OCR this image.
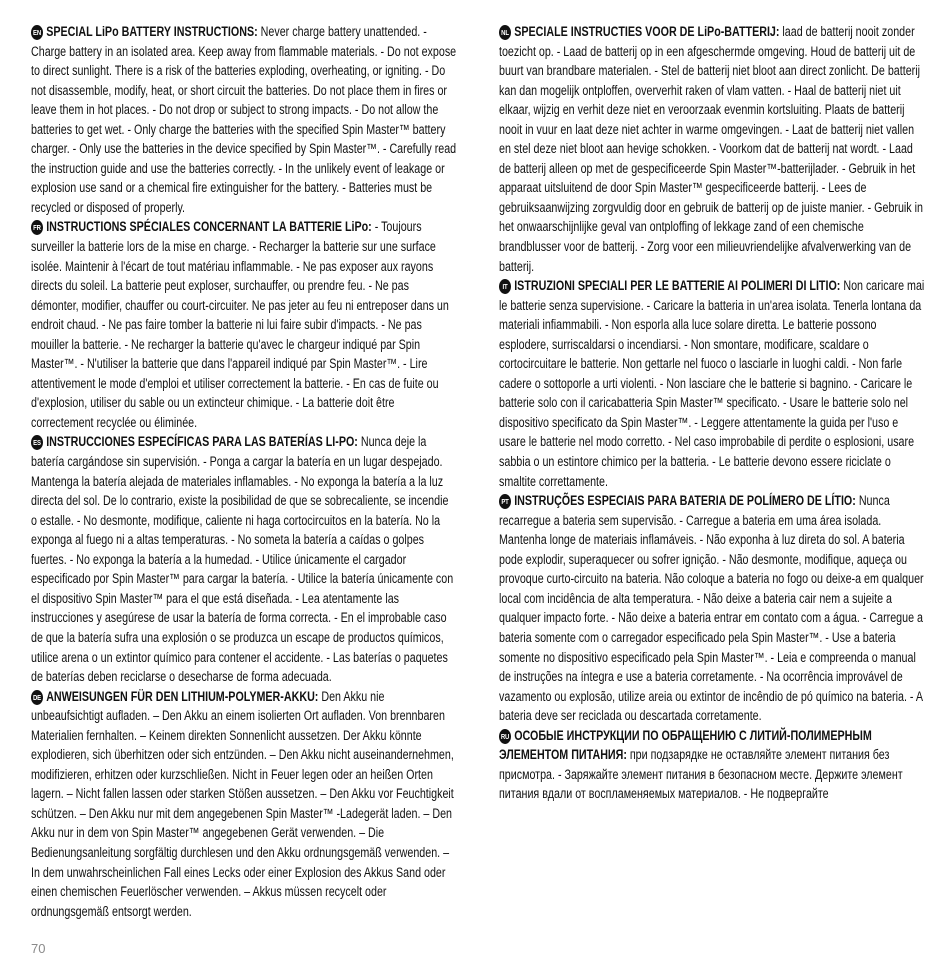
EN SPECIAL LiPo BATTERY INSTRUCTIONS: Never charge battery unattended. - Charge battery in an isolated area. Keep away from flammable materials. - Do not expose to direct sunlight. There is a risk of the batteries exploding, overheating, or igniting. - Do not disassemble, modify, heat, or short circuit the batteries. Do not place them in fires or leave them in hot places. - Do not drop or subject to strong impacts. - Do not allow the batteries to get wet. - Only charge the batteries with the specified Spin Master™ battery charger. - Only use the batteries in the device specified by Spin Master™. - Carefully read the instruction guide and use the batteries correctly. - In the unlikely event of leakage or explosion use sand or a chemical fire extinguisher for the battery. - Batteries must be recycled or disposed of properly.

FR INSTRUCTIONS SPÉCIALES CONCERNANT LA BATTERIE LiPo: - Toujours surveiller la batterie lors de la mise en charge. - Recharger la batterie sur une surface isolée. Maintenir à l'écart de tout matériau inflammable. - Ne pas exposer aux rayons directs du soleil. La batterie peut exploser, surchauffer, ou prendre feu. - Ne pas démonter, modifier, chauffer ou court-circuiter. Ne pas jeter au feu ni entreposer dans un endroit chaud. - Ne pas faire tomber la batterie ni lui faire subir d'impacts. - Ne pas mouiller la batterie. - Ne recharger la batterie qu'avec le chargeur indiqué par Spin Master™. - N'utiliser la batterie que dans l'appareil indiqué par Spin Master™. - Lire attentivement le mode d'emploi et utiliser correctement la batterie. - En cas de fuite ou d'explosion, utiliser du sable ou un extincteur chimique. - La batterie doit être correctement recyclée ou éliminée.

ES INSTRUCCIONES ESPECÍFICAS PARA LAS BATERÍAS LI-PO: Nunca deje la batería cargándose sin supervisión. - Ponga a cargar la batería en un lugar despejado. Mantenga la batería alejada de materiales inflamables. - No exponga la batería a la luz directa del sol. De lo contrario, existe la posibilidad de que se sobrecaliente, se incendie o estalle. - No desmonte, modifique, caliente ni haga cortocircuitos en la batería. No la exponga al fuego ni a altas temperaturas. - No someta la batería a caídas o golpes fuertes. - No exponga la batería a la humedad. - Utilice únicamente el cargador especificado por Spin Master™ para cargar la batería. - Utilice la batería únicamente con el dispositivo Spin Master™ para el que está diseñada. - Lea atentamente las instrucciones y asegúrese de usar la batería de forma correcta. - En el improbable caso de que la batería sufra una explosión o se produzca un escape de productos químicos, utilice arena o un extintor químico para contener el accidente. - Las baterías o paquetes de baterías deben reciclarse o desecharse de forma adecuada.

DE ANWEISUNGEN FÜR DEN LITHIUM-POLYMER-AKKU: Den Akku nie unbeaufsichtigt aufladen. – Den Akku an einem isolierten Ort aufladen. Von brennbaren Materialien fernhalten. – Keinem direkten Sonnenlicht aussetzen. Der Akku könnte explodieren, sich überhitzen oder sich entzünden. – Den Akku nicht auseinandernehmen, modifizieren, erhitzen oder kurzschließen. Nicht in Feuer legen oder an heißen Orten lagern. – Nicht fallen lassen oder starken Stößen aussetzen. – Den Akku vor Feuchtigkeit schützen. – Den Akku nur mit dem angegebenen Spin Master™ -Ladegerät laden. – Den Akku nur in dem von Spin Master™ angegebenen Gerät verwenden. – Die Bedienungsanleitung sorgfältig durchlesen und den Akku ordnungsgemäß verwenden. – In dem unwahrscheinlichen Fall eines Lecks oder einer Explosion des Akkus Sand oder einen chemischen Feuerlöscher verwenden. – Akkus müssen recycelt oder ordnungsgemäß entsorgt werden.

NL SPECIALE INSTRUCTIES VOOR DE LiPo-BATTERIJ: laad de batterij nooit zonder toezicht op. - Laad de batterij op in een afgeschermde omgeving. Houd de batterij uit de buurt van brandbare materialen. - Stel de batterij niet bloot aan direct zonlicht. De batterij kan dan mogelijk ontploffen, oververhit raken of vlam vatten. - Haal de batterij niet uit elkaar, wijzig en verhit deze niet en veroorzaak evenmin kortsluiting. Plaats de batterij nooit in vuur en laat deze niet achter in warme omgevingen. - Laat de batterij niet vallen en stel deze niet bloot aan hevige schokken. - Voorkom dat de batterij nat wordt. - Laad de batterij alleen op met de gespecificeerde Spin Master™-batterijlader. - Gebruik in het apparaat uitsluitend de door Spin Master™ gespecificeerde batterij. - Lees de gebruiksaanwijzing zorgvuldig door en gebruik de batterij op de juiste manier. - Gebruik in het onwaarschijnlijke geval van ontploffing of lekkage zand of een chemische brandblusser voor de batterij. - Zorg voor een milieuvriendelijke afvalverwerking van de batterij.

IT ISTRUZIONI SPECIALI PER LE BATTERIE AI POLIMERI DI LITIO: Non caricare mai le batterie senza supervisione. - Caricare la batteria in un'area isolata. Tenerla lontana da materiali infiammabili. - Non esporla alla luce solare diretta. Le batterie possono esplodere, surriscaldarsi o incendiarsi. - Non smontare, modificare, scaldare o cortocircuitare le batterie. Non gettarle nel fuoco o lasciarle in luoghi caldi. - Non farle cadere o sottoporle a urti violenti. - Non lasciare che le batterie si bagnino. - Caricare le batterie solo con il caricabatteria Spin Master™ specificato. - Usare le batterie solo nel dispositivo specificato da Spin Master™. - Leggere attentamente la guida per l'uso e usare le batterie nel modo corretto. - Nel caso improbabile di perdite o esplosioni, usare sabbia o un estintore chimico per la batteria. - Le batterie devono essere riciclate o smaltite correttamente.

PT INSTRUÇÕES ESPECIAIS PARA BATERIA DE POLÍMERO DE LÍTIO: Nunca recarregue a bateria sem supervisão. - Carregue a bateria em uma área isolada. Mantenha longe de materiais inflamáveis. - Não exponha à luz direta do sol. A bateria pode explodir, superaquecer ou sofrer ignição. - Não desmonte, modifique, aqueça ou provoque curto-circuito na bateria. Não coloque a bateria no fogo ou deixe-a em qualquer local com incidência de alta temperatura. - Não deixe a bateria cair nem a sujeite a qualquer impacto forte. - Não deixe a bateria entrar em contato com a água. - Carregue a bateria somente com o carregador especificado pela Spin Master™. - Use a bateria somente no dispositivo especificado pela Spin Master™. - Leia e compreenda o manual de instruções na íntegra e use a bateria corretamente. - Na ocorrência improvável de vazamento ou explosão, utilize areia ou extintor de incêndio de pó químico na bateria. - A bateria deve ser reciclada ou descartada corretamente.

RU ОСОБЫЕ ИНСТРУКЦИИ ПО ОБРАЩЕНИЮ С ЛИТИЙ-ПОЛИМЕРНЫМ ЭЛЕМЕНТОМ ПИТАНИЯ: при подзарядке не оставляйте элемент питания без присмотра. - Заряжайте элемент питания в безопасном месте. Держите элемент питания вдали от воспламеняемых материалов. - Не подвергайте

70
